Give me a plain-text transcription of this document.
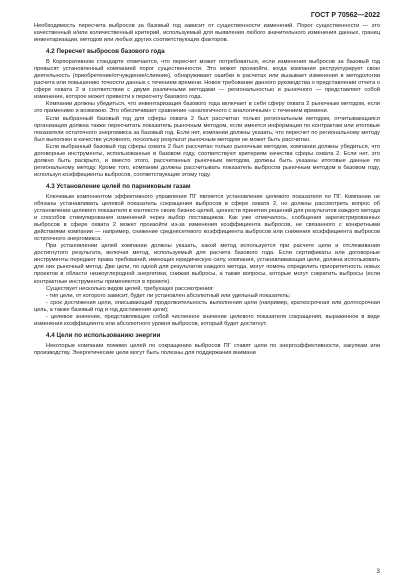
ГОСТ Р 70562—2022

Необходимость пересчета выбросов за базовый год зависит от существенности изменений. Порог существенности — это качественный и/или количественный критерий, используемый для выявления любого значительного изменения данных, границ инвентаризации, методов или любых других соответствующих факторов.

4.2 Пересчет выбросов базового года

В Корпоративном стандарте отмечается, что пересчет может потребоваться, если изменения выбросов за базовый год превысят установленный компанией порог существенности. Это может произойти, когда компания реструктурирует свою деятельность (приобретение/отчуждение/слияние), обнаруживает ошибки в расчетах или вызывает изменения в методологии расчета или повышению точности данных с течением времени. Новое требование данного руководства о представлении отчета о сфере охвата 2 в соответствии с двумя различными методами — региональностью и рыночного — представляет собой изменение, которое может привести к пересчету базового года.

Компании должны убедиться, что инвентаризация базового года включает в себя сферу охвата 2 рыночным методом, если это применимо и возможно. Это обеспечивает сравнение «аналогичного с аналогичным» с течением времени.

Если выбранный базовый год для сферы охвата 2 был рассчитан только региональным методом, отчитывающаяся организация должна также пересчитать показатель рыночным методом, если имеется информация по контрактам или итоговые показатели остаточного энергомикса за базовый год. Если нет, компании должны указать, что пересчет по региональному методу был выполнен в качестве условного, поскольку результат рыночным методом не может быть рассчитан.

Если выбранный базовый год сферы охвата 2 был рассчитан только рыночным методом, компании должны убедиться, что договорные инструменты, использованные в базовом году, соответствуют критериям качества сферы охвата 2. Если нет, это должно быть раскрыто, и вместо этого, рассчитанных рыночным методом, должны быть указаны итоговые данные по региональному методу. Кроме того, компании должны рассчитывать показатель выбросов рыночным методом в базовом году, используя коэффициенты выбросов, соответствующие этому году.

4.3 Установление целей по парниковым газам

Ключевым компонентом эффективного управления ПГ является установление целевого показателя по ПГ. Компании не обязаны устанавливать целевой показатель сокращения выбросов в сфере охвата 2, но должны рассмотреть вопрос об установлении целевого показателя в контексте своих бизнес-целей, ценности принятия решений для результатов каждого метода и способов стимулирования изменений через выбор поставщиков. Как уже отмечалось, сообщения зарегистрированных выбросов в сфере охвата 2 может произойти из-за изменения коэффициента выбросов, не связанного с конкретными действиями компании — например, снижение среднесетевого коэффициента выбросов или снижения коэффициента выбросов остаточного энергомикса.

При установлении целей компании должны указать, какой метод используется при расчете цели и отслеживания достигнутого результата, включая метод, используемый для расчета базового года. Если сертификаты или договорные инструменты передают права требований, имеющих юридическую силу, компания, устанавливающая цели, должна использовать для них рыночный метод. Две цели, по одной для результатов каждого метода, могут помочь определить приоритетность новых проектов в области низкоуглеродной энергетики, снижая выбросы, а также вопросы, которые могут сократить выбросы (если контрактные инструменты применяются в проекте).

Существует несколько видов целей, требующих рассмотрения:

- тип цели, от которого зависит, будет ли установлен абсолютный или удельный показатель;

- срок достижения цели, описывающий продолжительность выполнения цели (например, краткосрочная или долгосрочная цель, а также базовый год и год достижения цели);

- целевое значение, представляющее собой численное значение целевого показателя сокращения, выраженное в виде изменения коэффициента или абсолютного уровня выбросов, который будет достигнут.

4.4 Цели по использованию энергии

Некоторые компании помимо целей по сокращению выбросов ПГ ставят цели по энергоэффективности, закупкам или производству. Энергетические цели могут быть полезны для поддержания внимани

3
